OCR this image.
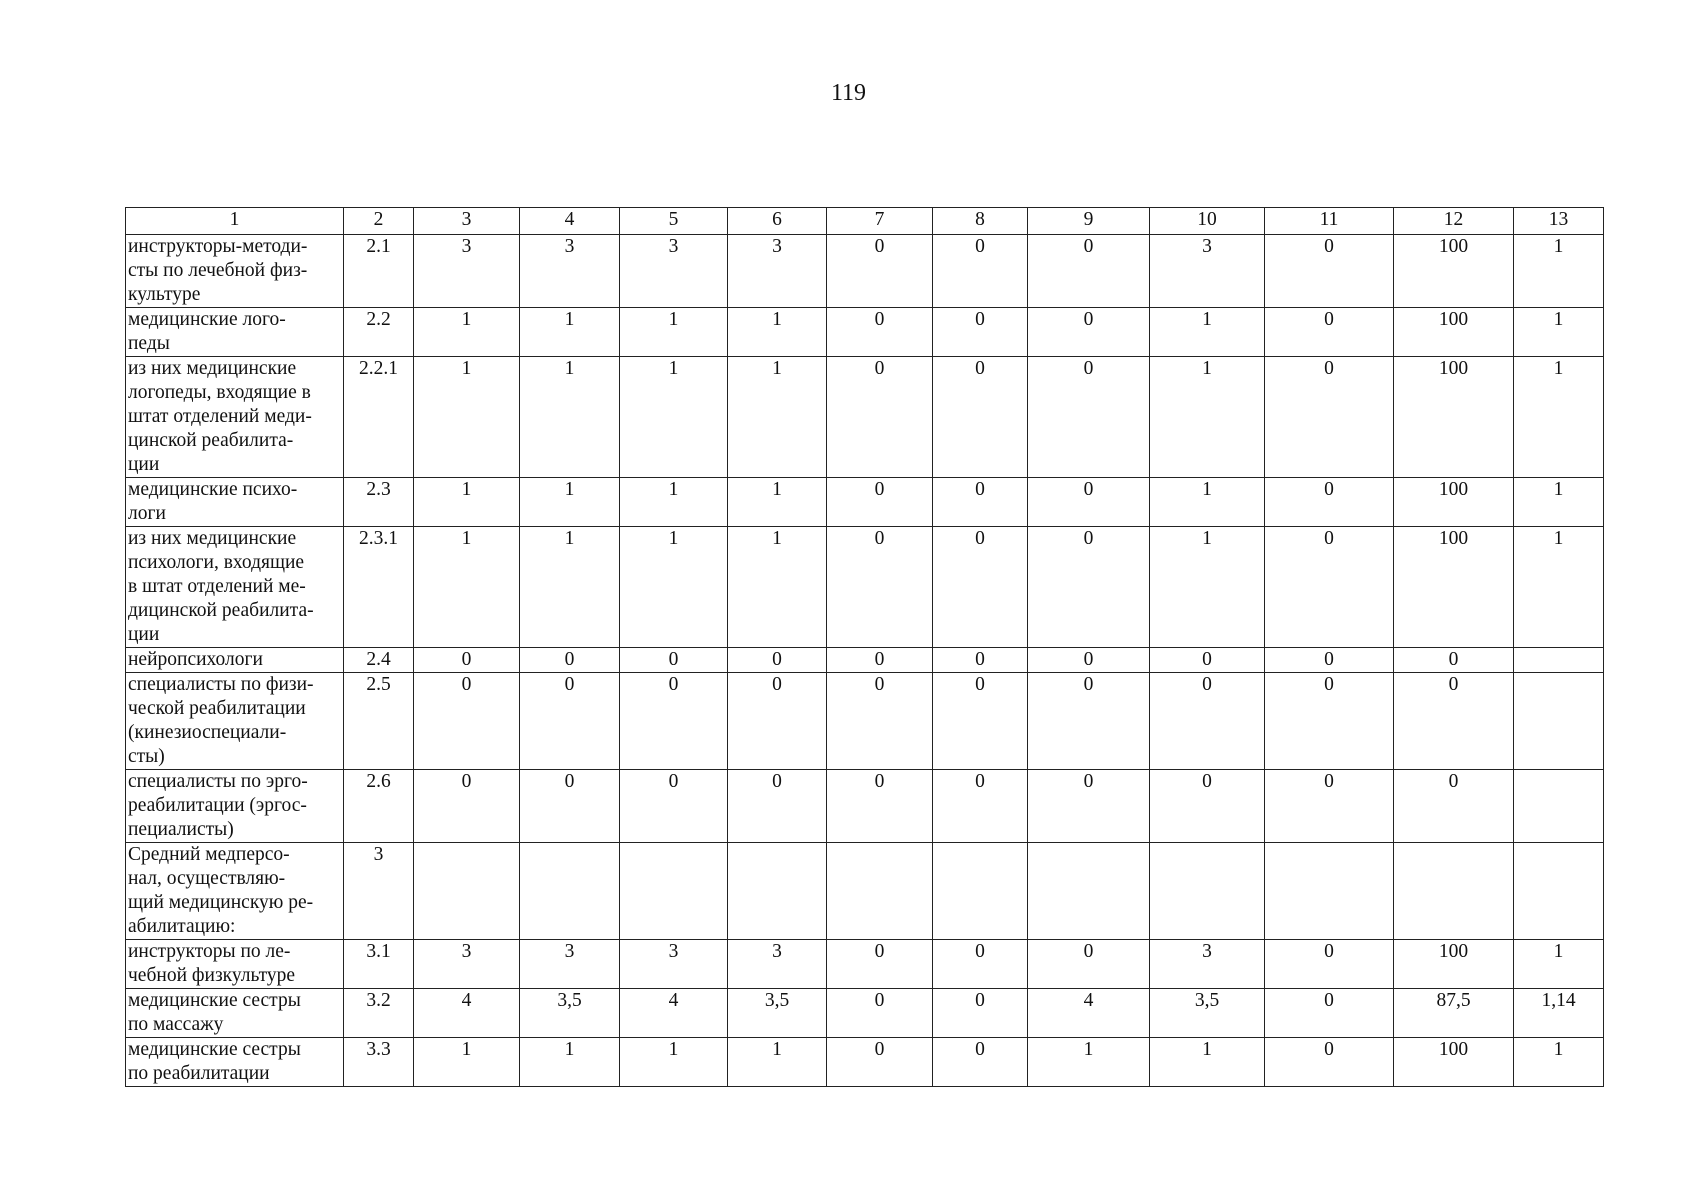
119
1	2	3	4	5	6	7	8	9	10	11	12	13

инструкторы-методи-
сты по лечебной физ-
культуре	2.1	3	3	3	3	0	0	0	3	0	100	1

медицинские лого-
педы	2.2	1	1	1	1	0	0	0	1	0	100	1

из них медицинские
логопеды, входящие в
штат отделений меди-
цинской реабилита-
ции	2.2.1	1	1	1	1	0	0	0	1	0	100	1

медицинские психо-
логи	2.3	1	1	1	1	0	0	0	1	0	100	1

из них медицинские
психологи, входящие
в штат отделений ме-
дицинской реабилита-
ции	2.3.1	1	1	1	1	0	0	0	1	0	100	1

нейропсихологи	2.4	0	0	0	0	0	0	0	0	0	0	

специалисты по физи-
ческой реабилитации
(кинезиоспециали-
сты)	2.5	0	0	0	0	0	0	0	0	0	0	

специалисты по эрго-
реабилитации (эргос-
пециалисты)	2.6	0	0	0	0	0	0	0	0	0	0	

Средний медперсо-
нал, осуществляю-
щий медицинскую ре-
абилитацию:	3											

инструкторы по ле-
чебной физкультуре	3.1	3	3	3	3	0	0	0	3	0	100	1

медицинские сестры
по массажу	3.2	4	3,5	4	3,5	0	0	4	3,5	0	87,5	1,14

медицинские сестры
по реабилитации	3.3	1	1	1	1	0	0	1	1	0	100	1
